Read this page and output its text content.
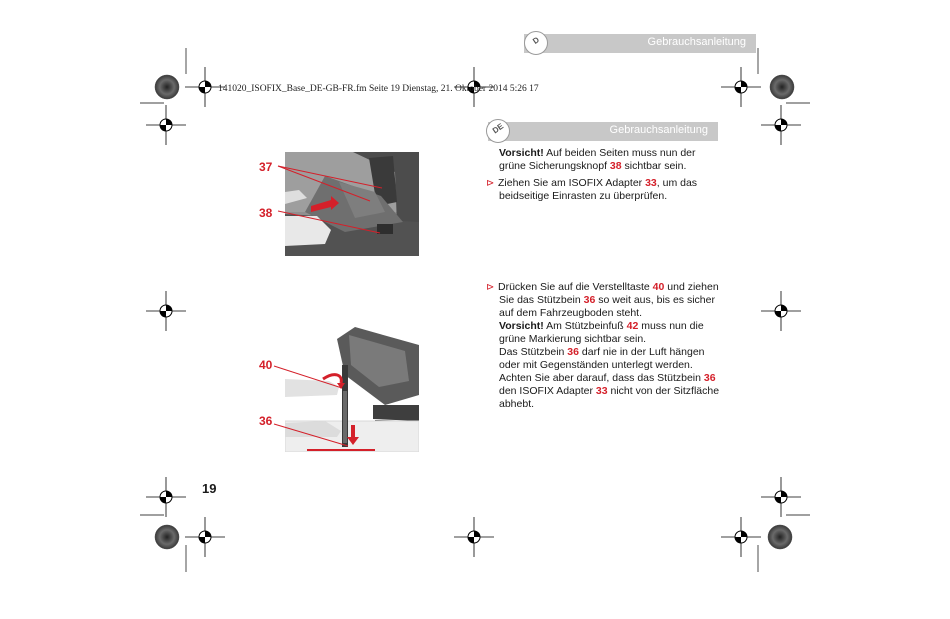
Gebrauchsanleitung
D
141020_ISOFIX_Base_DE-GB-FR.fm Seite 19 Dienstag, 21. Oktober 2014 5:26 17
Gebrauchsanleitung
DE
37
38
40
36
Vorsicht! Auf beiden Seiten muss nun der grüne Sicherungsknopf 38 sichtbar sein.
⊳ Ziehen Sie am ISOFIX Adapter 33, um das beidseitige Einrasten zu überprüfen.
⊳ Drücken Sie auf die Verstelltaste 40 und ziehen Sie das Stützbein 36 so weit aus, bis es sicher auf dem Fahrzeugboden steht.
Vorsicht! Am Stützbeinfuß 42 muss nun die grüne Markierung sichtbar sein.
Das Stützbein 36 darf nie in der Luft hängen oder mit Gegenständen unterlegt werden. Achten Sie aber darauf, dass das Stützbein 36 den ISOFIX Adapter 33 nicht von der Sitzfläche abhebt.
19
